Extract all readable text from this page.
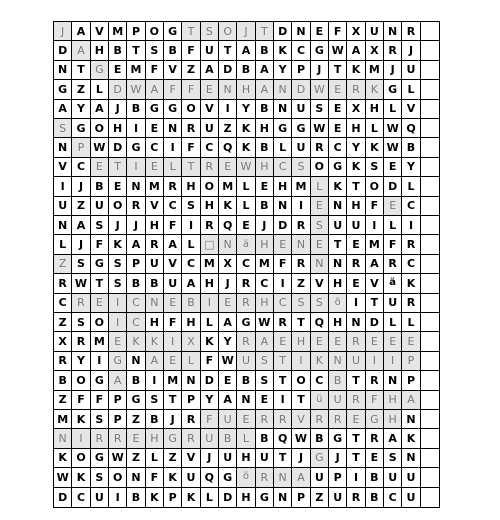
J	A V M P O G T	S O	J	T D N E F X U N R
D A H B T S B F U T A B K C G W A X R	J
N T G E M F V Z A D B A Y P	J	T K M J	U
G Z L D W A	F	F	E N H A N D W E	R K G L
A Y A	J	B G G O V	I	Y B N U S E X H L V
S G O H	I	E N R U Z K H G G W E H L W Q
N P W D G C	I	F C Q K B L U R C Y K W B
V C E	T	I	E	L	T	R	E W H C	S O G K S E Y
I	J	B E N M R H O M L	E H M L	K T O D L
U Z U O R V C S H K L B N	I	E N H F	E C
N A S	J	J	H F	I	R Q E	J	D R S U U	I	L	I
L	J	F K A R A L □ N	ä	H E N E	T E M F R
Z S G S P U V C M X C M F R N N R A R C
R W T S B B U A H	J	R C	I	Z V H E V	ä K
C R	E	I	C N E	B	I	E	R H C	S	S	ö	I	T U R
Z S O	I	C H F H L A G W R T Q H N D L	L
X R M E	K	K	I	X K Y R A	E H E	E	R	E	E	E
R Y	I	G N A	E	L	F W U S	T	I	K N U	I	I	P
B O G A B	I M N D E B S T O C B T R N P
Z F F P G S T P Y A N E	I	T	ü	U R	F	H A
M K S P Z B	J	R F	U E	R R V R R	E G H N
N	I	R R	E H G R U B	L	B Q W B G T R A K
K O G W Z L Z V	J	U H U T	J	G	J	T E S N
W K S O N F K U Q G	ö	R N A U P	I	B U U
D C U	I	B K P K L D H G N P Z U R B C U
